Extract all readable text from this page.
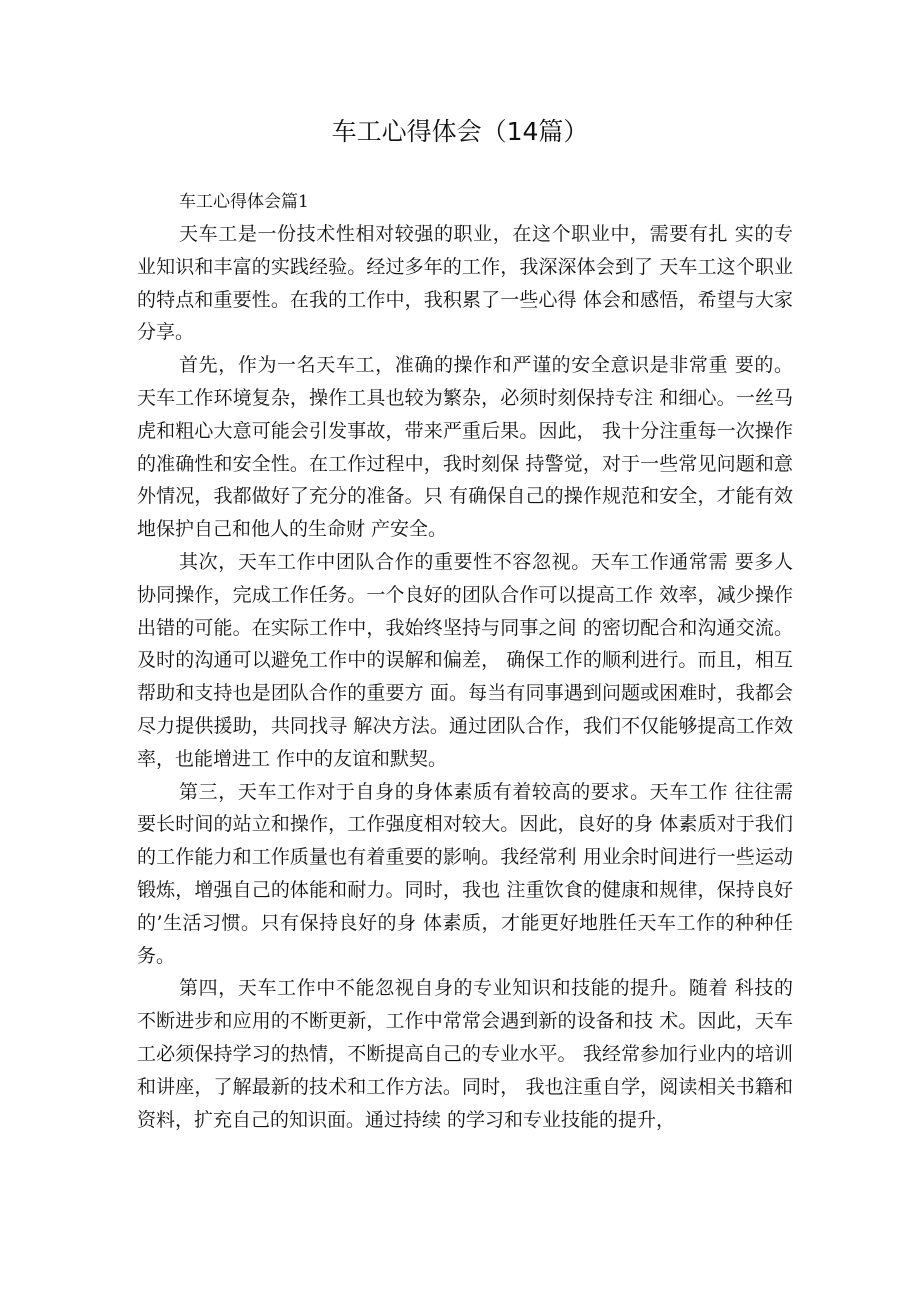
车工心得体会（14篇）

车工心得体会篇1

天车工是一份技术性相对较强的职业，在这个职业中，需要有扎 实的专业知识和丰富的实践经验。经过多年的工作，我深深体会到了 天车工这个职业的特点和重要性。在我的工作中，我积累了一些心得 体会和感悟，希望与大家分享。

首先，作为一名天车工，准确的操作和严谨的安全意识是非常重 要的。天车工作环境复杂，操作工具也较为繁杂，必须时刻保持专注 和细心。一丝马虎和粗心大意可能会引发事故，带来严重后果。因此， 我十分注重每一次操作的准确性和安全性。在工作过程中，我时刻保 持警觉，对于一些常见问题和意外情况，我都做好了充分的准备。只 有确保自己的操作规范和安全，才能有效地保护自己和他人的生命财 产安全。

其次，天车工作中团队合作的重要性不容忽视。天车工作通常需 要多人协同操作，完成工作任务。一个良好的团队合作可以提高工作 效率，减少操作出错的可能。在实际工作中，我始终坚持与同事之间 的密切配合和沟通交流。及时的沟通可以避免工作中的误解和偏差， 确保工作的顺利进行。而且，相互帮助和支持也是团队合作的重要方 面。每当有同事遇到问题或困难时，我都会尽力提供援助，共同找寻 解决方法。通过团队合作，我们不仅能够提高工作效率，也能增进工 作中的友谊和默契。

第三，天车工作对于自身的身体素质有着较高的要求。天车工作 往往需要长时间的站立和操作，工作强度相对较大。因此，良好的身 体素质对于我们的工作能力和工作质量也有着重要的影响。我经常利 用业余时间进行一些运动锻炼，增强自己的体能和耐力。同时，我也 注重饮食的健康和规律，保持良好的’生活习惯。只有保持良好的身 体素质，才能更好地胜任天车工作的种种任务。

第四，天车工作中不能忽视自身的专业知识和技能的提升。随着 科技的不断进步和应用的不断更新，工作中常常会遇到新的设备和技 术。因此，天车工必须保持学习的热情，不断提高自己的专业水平。 我经常参加行业内的培训和讲座，了解最新的技术和工作方法。同时， 我也注重自学，阅读相关书籍和资料，扩充自己的知识面。通过持续 的学习和专业技能的提升，
